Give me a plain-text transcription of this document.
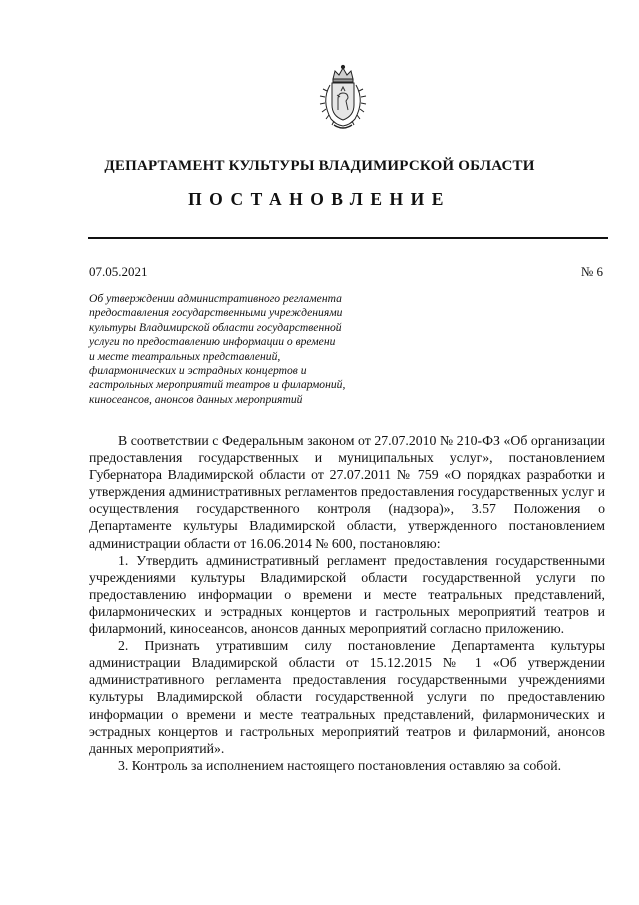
ДЕПАРТАМЕНТ КУЛЬТУРЫ ВЛАДИМИРСКОЙ ОБЛАСТИ
ПОСТАНОВЛЕНИЕ
07.05.2021	№ 6
Об утверждении административного регламента
предоставления государственными учреждениями
культуры Владимирской области государственной
услуги по предоставлению информации о времени
и месте театральных представлений,
филармонических и эстрадных концертов и
гастрольных мероприятий театров и филармоний,
киносеансов, анонсов данных мероприятий

В соответствии с Федеральным законом от 27.07.2010 № 210-ФЗ «Об организации предоставления государственных и муниципальных услуг», постановлением Губернатора Владимирской области от 27.07.2011 № 759 «О порядках разработки и утверждения административных регламентов предоставления государственных услуг и осуществления государственного контроля (надзора)», 3.57 Положения о Департаменте культуры Владимирской области, утвержденного постановлением администрации области от 16.06.2014 № 600, постановляю:

1. Утвердить административный регламент предоставления государственными учреждениями культуры Владимирской области государственной услуги по предоставлению информации о времени и месте театральных представлений, филармонических и эстрадных концертов и гастрольных мероприятий театров и филармоний, киносеансов, анонсов данных мероприятий согласно приложению.

2. Признать утратившим силу постановление Департамента культуры администрации Владимирской области от 15.12.2015 № 1 «Об утверждении административного регламента предоставления государственными учреждениями культуры Владимирской области государственной услуги по предоставлению информации о времени и месте театральных представлений, филармонических и эстрадных концертов и гастрольных мероприятий театров и филармоний, анонсов данных мероприятий».

3. Контроль за исполнением настоящего постановления оставляю за собой.
